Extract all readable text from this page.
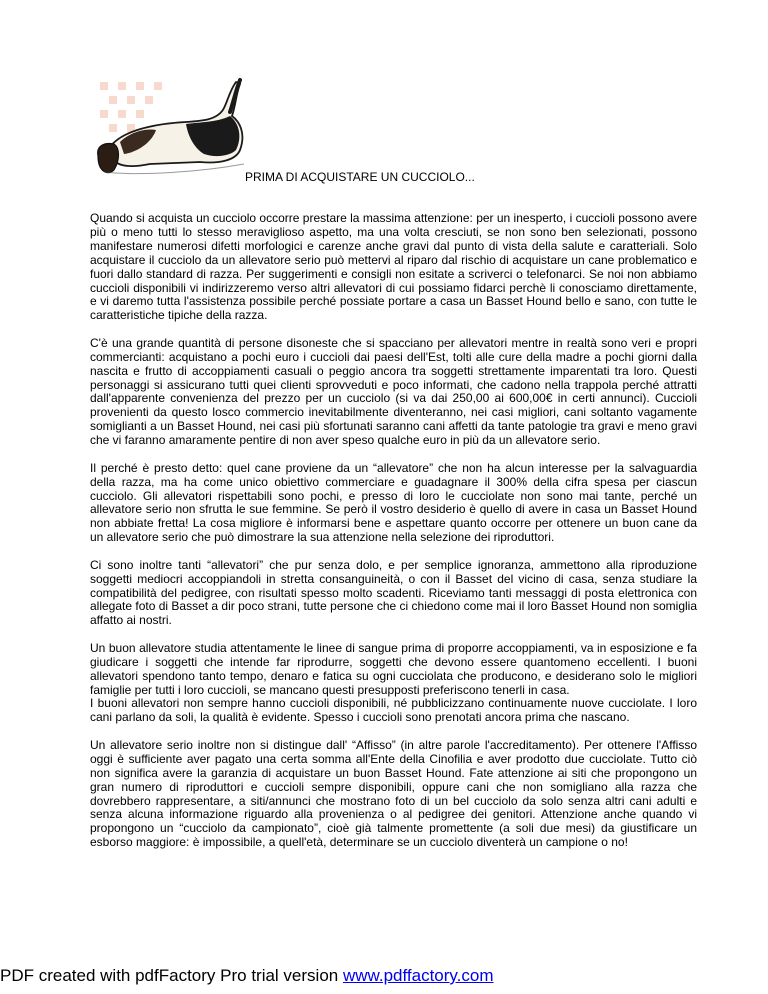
PRIMA DI ACQUISTARE UN CUCCIOLO...

Quando si acquista un cucciolo occorre prestare la massima attenzione: per un inesperto, i cuccioli possono avere più o meno tutti lo stesso meraviglioso aspetto, ma una volta cresciuti, se non sono ben selezionati, possono manifestare numerosi difetti morfologici e carenze anche gravi dal punto di vista della salute e caratteriali. Solo acquistare il cucciolo da un allevatore serio può mettervi al riparo dal rischio di acquistare un cane problematico e fuori dallo standard di razza. Per suggerimenti e consigli non esitate a scriverci o telefonarci. Se noi non abbiamo cuccioli disponibili vi indirizzeremo verso altri allevatori di cui possiamo fidarci perchè li conosciamo direttamente, e vi daremo tutta l'assistenza possibile perché possiate portare a casa un Basset Hound bello e sano, con tutte le caratteristiche tipiche della razza.

C'è una grande quantità di persone disoneste che si spacciano per allevatori mentre in realtà sono veri e propri commercianti: acquistano a pochi euro i cuccioli dai paesi dell'Est, tolti alle cure della madre a pochi giorni dalla nascita e frutto di accoppiamenti casuali o peggio ancora tra soggetti strettamente imparentati tra loro. Questi personaggi si assicurano tutti quei clienti sprovveduti e poco informati, che cadono nella trappola perché attratti dall'apparente convenienza del prezzo per un cucciolo (si va dai 250,00 ai 600,00€ in certi annunci). Cuccioli provenienti da questo losco commercio inevitabilmente diventeranno, nei casi migliori, cani soltanto vagamente somiglianti a un Basset Hound, nei casi più sfortunati saranno cani affetti da tante patologie tra gravi e meno gravi che vi faranno amaramente pentire di non aver speso qualche euro in più da un allevatore serio.

Il perché è presto detto: quel cane proviene da un “allevatore” che non ha alcun interesse per la salvaguardia della razza, ma ha come unico obiettivo commerciare e guadagnare il 300% della cifra spesa per ciascun cucciolo. Gli allevatori rispettabili sono pochi, e presso di loro le cucciolate non sono mai tante, perché un allevatore serio non sfrutta le sue femmine. Se però il vostro desiderio è quello di avere in casa un Basset Hound non abbiate fretta! La cosa migliore è informarsi bene e aspettare quanto occorre per ottenere un buon cane da un allevatore serio che può dimostrare la sua attenzione nella selezione dei riproduttori.

Ci sono inoltre tanti “allevatori” che pur senza dolo, e per semplice ignoranza, ammettono alla riproduzione soggetti mediocri accoppiandoli in stretta consanguineità, o con il Basset del vicino di casa, senza studiare la compatibilità del pedigree, con risultati spesso molto scadenti. Riceviamo tanti messaggi di posta elettronica con allegate foto di Basset a dir poco strani, tutte persone che ci chiedono come mai il loro Basset Hound non somiglia affatto ai nostri.

Un buon allevatore studia attentamente le linee di sangue prima di proporre accoppiamenti, va in esposizione e fa giudicare i soggetti che intende far riprodurre, soggetti che devono essere quantomeno eccellenti. I buoni allevatori spendono tanto tempo, denaro e fatica su ogni cucciolata che producono, e desiderano solo le migliori famiglie per tutti i loro cuccioli, se mancano questi presupposti preferiscono tenerli in casa.

I buoni allevatori non sempre hanno cuccioli disponibili, né pubblicizzano continuamente nuove cucciolate. I loro cani parlano da soli, la qualità è evidente. Spesso i cuccioli sono prenotati ancora prima che nascano.

Un allevatore serio inoltre non si distingue dall' “Affisso” (in altre parole l'accreditamento). Per ottenere l'Affisso oggi è sufficiente aver pagato una certa somma all'Ente della Cinofilia e aver prodotto due cucciolate. Tutto ciò non significa avere la garanzia di acquistare un buon Basset Hound. Fate attenzione ai siti che propongono un gran numero di riproduttori e cuccioli sempre disponibili, oppure cani che non somigliano alla razza che dovrebbero rappresentare, a siti/annunci che mostrano foto di un bel cucciolo da solo senza altri cani adulti e senza alcuna informazione riguardo alla provenienza o al pedigree dei genitori. Attenzione anche quando vi propongono un “cucciolo da campionato”, cioè già talmente promettente (a soli due mesi) da giustificare un esborso maggiore: è impossibile, a quell'età, determinare se un cucciolo diventerà un campione o no!

PDF created with pdfFactory Pro trial version www.pdffactory.com
